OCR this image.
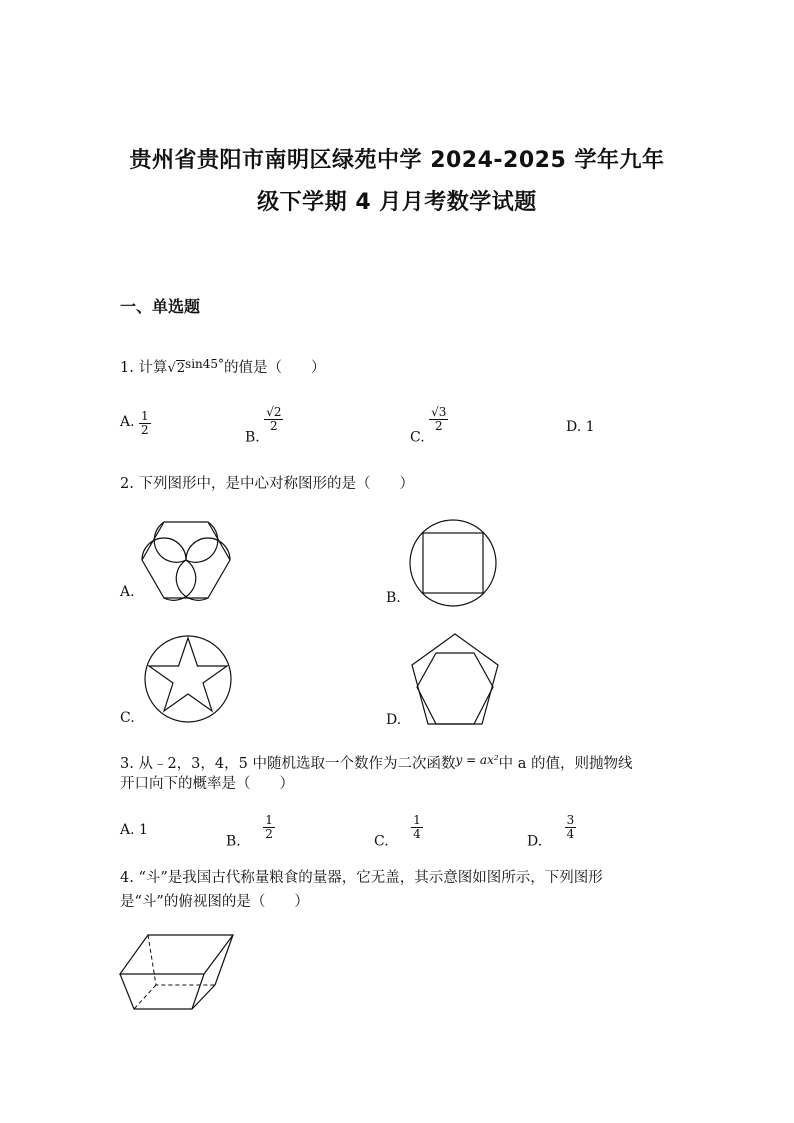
贵州省贵阳市南明区绿苑中学 2024-2025 学年九年
级下学期 4 月月考数学试题
一、单选题
1. 计算$√2^{sin45^\circ}$的值是（　　）
A. $\frac{1}{2}$
B.
$\frac{√2}{2}$
C.
$\frac{√3}{2}$	D. 1
2. 下列图形中，是中心对称图形的是（　　）
A.	B.
C.	D.
3. 从﹣2，3，4，5 中随机选取一个数作为二次函数$^{y = ax^2}$中 a 的值，则抛物线
开口向下的概率是（　　）
A. 1
B.
$\frac{1}{2}$
C.
$\frac{1}{4}$
D.
$\frac{3}{4}$
4. “斗”是我国古代称量粮食的量器，它无盖，其示意图如图所示，下列图形
是“斗”的俯视图的是（　　）
